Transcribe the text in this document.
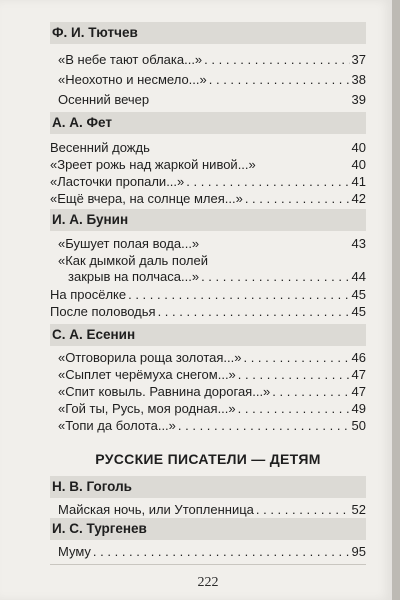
Ф. И. Тютчев
«В небе тают облака...» . . .	37
«Неохотно и несмело...» . . .	38
Осенний вечер	39
А. А. Фет
Весенний дождь	40
«Зреет рожь над жаркой нивой...»	40
«Ласточки пропали...» . . .	41
«Ещё вчера, на солнце млея...» . . .	42
И. А. Бунин
«Бушует полая вода...»	43
«Как дымкой даль полей
закрыв на полчаса...» . . .	44
На просёлке . . .	45
После половодья . . .	45
С. А. Есенин
«Отговорила роща золотая...» . . .	46
«Сыплет черёмуха снегом...» . . .	47
«Спит ковыль. Равнина дорогая...» . . .	47
«Гой ты, Русь, моя родная...» . . .	49
«Топи да болота...» . . .	50
РУССКИЕ ПИСАТЕЛИ — ДЕТЯМ
Н. В. Гоголь
Майская ночь, или Утопленница . . .	52
И. С. Тургенев
Муму . . .	95
222
